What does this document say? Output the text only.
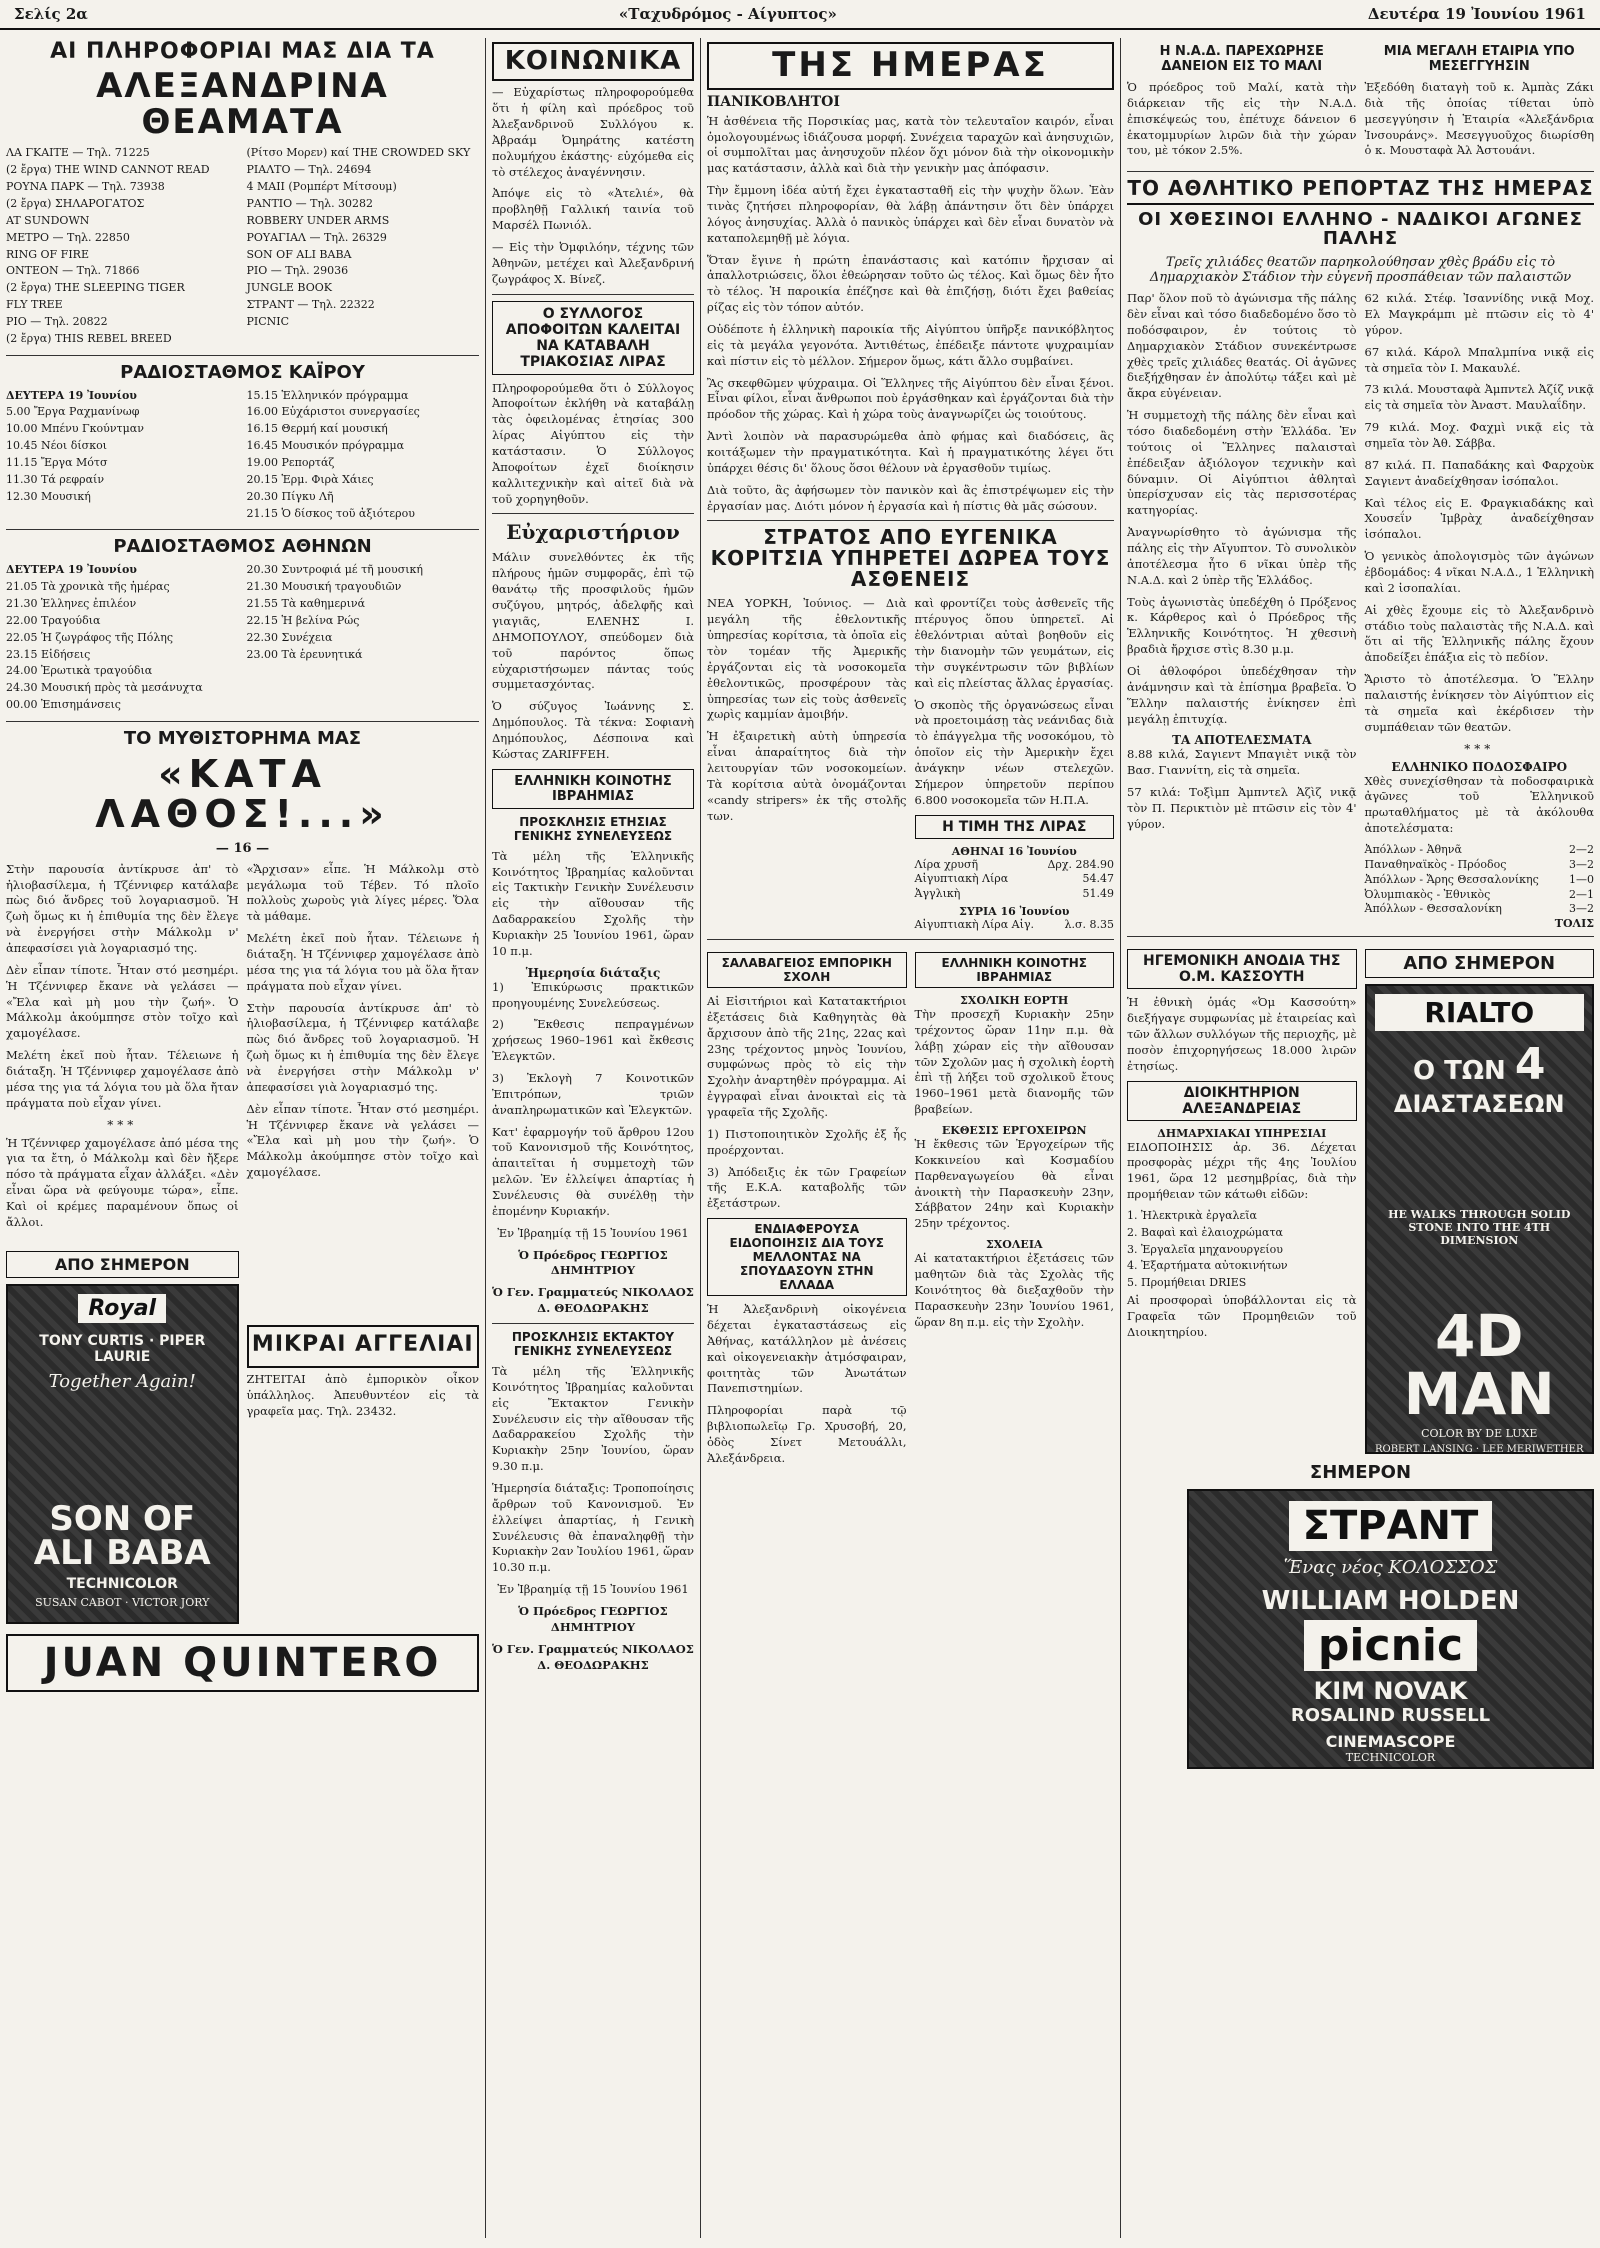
Σελίς 2α	«Ταχυδρόμος - Αίγυπτος»	Δευτέρα 19 Ἰουνίου 1961
ΑΙ ΠΛΗΡΟΦΟΡΙΑΙ ΜΑΣ ΔΙΑ ΤΑ
ΑΛΕΞΑΝΔΡΙΝΑ ΘΕΑΜΑΤΑ
ΛΑ ΓΚΑΙΤΕ — Τηλ. 71225
(2 ἔργα) THE WIND CANNOT READ
ΡΟΥΝΑ ΠΑΡΚ — Τηλ. 73938
(2 ἔργα) ΣΗΛΑΡΟΓΑΤΟΣ
AT SUNDOWN
ΜΕΤΡΟ — Τηλ. 22850
RING OF FIRE
ΟΝΤΕΟΝ — Τηλ. 71866
(2 ἔργα) THE SLEEPING TIGER
FLY TREE
ΡΙΟ — Τηλ. 20822
(2 ἔργα) THIS REBEL BREED
(Ρίτσο Μορεν) καί THE CROWDED SKY
ΡΙΑΛΤΟ — Τηλ. 24694
4 ΜΑΙΙ (Ρομπέρτ Μίτσουμ)
ΡΑΝΤΙΟ — Τηλ. 30282
ROBBERY UNDER ARMS
ΡΟΥΑΓΙΑΛ — Τηλ. 26329
SON OF ALI BABA
ΡΙΟ — Τηλ. 29036
JUNGLE BOOK
ΣΤΡΑΝΤ — Τηλ. 22322
PICNIC
ΡΑΔΙΟΣΤΑΘΜΟΣ ΚΑΪΡΟΥ
ΔΕΥΤΕΡΑ 19 Ἰουνίου
5.00 Ἔργα Ραχμανίνωφ
10.00 Μπένυ Γκούντμαν
10.45 Νέοι δίσκοι
11.15 Ἔργα Μότσ
11.30 Τά ρεφραίν
12.30 Μουσική
15.15 Ἑλληνικόν πρόγραμμα
16.00 Εὐχάριστοι συνεργασίες
16.15 Θερμή καί μουσική
16.45 Μουσικόν πρόγραμμα
19.00 Ρεπορτάζ
20.15 Ἑρμ. Φιρὰ Χάιες
20.30 Πίγκυ Λῆ
21.15 Ὁ δίσκος τοῦ ἀξιότερου
ΡΑΔΙΟΣΤΑΘΜΟΣ ΑΘΗΝΩΝ
ΔΕΥΤΕΡΑ 19 Ἰουνίου
21.05 Τὰ χρονικὰ τῆς ἡμέρας
21.30 Ἑλληνες ἐπιλέον
22.00 Τραγούδια
22.05 Ἡ ζωγράφος τῆς Πόλης
23.15 Εἰδήσεις
24.00 Ἐρωτικὰ τραγούδια
24.30 Μουσική πρὸς τὰ μεσάνυχτα
00.00 Ἐπισημάνσεις
20.30 Συντροφιά μέ τῆ μουσική
21.30 Μουσική τραγουδιῶν
21.55 Τὰ καθημερινά
22.15 Ἡ βελίνα Ρώς
22.30 Συνέχεια
23.00 Τὰ ἑρευνητικά
ΤΟ ΜΥΘΙΣΤΟΡΗΜΑ ΜΑΣ
«ΚΑΤΑ ΛΑΘΟΣ!...»
— 16 —

Στὴν παρουσία ἀντίκρυσε ἀπ' τὸ ἡλιοβασίλεμα, ἡ Τζέννιφερ κατάλαβε πὼς διό ἄνδρες τοῦ λογαριασμοῦ. Ἡ ζωὴ ὅμως κι ἡ ἐπιθυμία της δὲν ἔλεγε νὰ ἐνεργήσει στὴν Μάλκολμ ν' ἀπεφασίσει γιὰ λογαριασμό της.

Δὲν εἶπαν τίποτε. Ἦταν στό μεσημέρι. Ἡ Τζέννιφερ ἔκανε νὰ γελάσει — «Ἔλα καὶ μὴ μου τὴν ζωή». Ὁ Μάλκολμ ἀκούμπησε στὸν τοῖχο καὶ χαμογέλασε.

Μελέτη ἐκεῖ ποὺ ἦταν. Τέλειωνε ἡ διάταξη. Ἡ Τζέννιφερ χαμογέλασε ἀπὸ μέσα της για τά λόγια του μὰ ὅλα ἤταν πράγματα ποὺ εἶχαν γίνει.

***

Ἡ Τζέννιφερ χαμογέλασε ἀπό μέσα της για τα ἔτη, ὁ Μάλκολμ καὶ δὲν ἤξερε πόσο τὰ πράγματα εἶχαν ἀλλάξει. «Δὲν εἶναι ὥρα νὰ φεύγουμε τώρα», εἶπε. Καὶ οἱ κρέμες παραμένουν ὅπως οἱ ἄλλοι.

«Ἄρχισαν» εἶπε. Ἡ Μάλκολμ στὸ μεγάλωμα τοῦ Τέβεν. Τό πλοῖο πολλοὺς χωροὺς γιὰ λίγες μέρες. Ὅλα τὰ μάθαμε.

Μελέτη ἐκεῖ ποὺ ἦταν. Τέλειωνε ἡ διάταξη. Ἡ Τζέννιφερ χαμογέλασε ἀπὸ μέσα της για τά λόγια του μὰ ὅλα ἤταν πράγματα ποὺ εἶχαν γίνει.

Στὴν παρουσία ἀντίκρυσε ἀπ' τὸ ἡλιοβασίλεμα, ἡ Τζέννιφερ κατάλαβε πὼς διό ἄνδρες τοῦ λογαριασμοῦ. Ἡ ζωὴ ὅμως κι ἡ ἐπιθυμία της δὲν ἔλεγε νὰ ἐνεργήσει στὴν Μάλκολμ ν' ἀπεφασίσει γιὰ λογαριασμό της.

Δὲν εἶπαν τίποτε. Ἦταν στό μεσημέρι. Ἡ Τζέννιφερ ἔκανε νὰ γελάσει — «Ἔλα καὶ μὴ μου τὴν ζωή». Ὁ Μάλκολμ ἀκούμπησε στὸν τοῖχο καὶ χαμογέλασε.

ΑΠΟ ΣΗΜΕΡΟΝ
Royal
TONY CURTIS · PIPER LAURIE
Together Again!
SON OF ALI BABA
TECHNICOLOR
SUSAN CABOT · VICTOR JORY
ΜΙΚΡΑΙ ΑΓΓΕΛΙΑΙ

ΖΗΤΕΙΤΑΙ ἀπὸ ἐμπορικὸν οἶκον ὑπάλληλος. Ἀπευθυντέον εἰς τὰ γραφεῖα μας. Τηλ. 23432.

JUAN QUINTERO
ΚΟΙΝΩΝΙΚΑ

— Εὐχαρίστως πληροφορούμεθα ὅτι ἡ φίλη καὶ πρόεδρος τοῦ Ἀλεξανδρινοῦ Συλλόγου κ. Ἀβραάμ Ὀμηράτης κατέστη πολυμήχου ἐκάστης· εὐχόμεθα εἰς τὸ στέλεχος ἀναγέννησιν.

Ἀπόψε εἰς τὸ «Ἀτελιέ», θὰ προβληθῇ Γαλλική ταινία τοῦ Μαρσέλ Πωνιόλ.

— Εἰς τὴν Ὀμφιλόην, τέχνης τῶν Ἀθηνῶν, μετέχει καὶ Ἀλεξανδρινή ζωγράφος Χ. Βίνεζ.

Ο ΣΥΛΛΟΓΟΣ ΑΠΟΦΟΙΤΩΝ ΚΑΛΕΙΤΑΙ ΝΑ ΚΑΤΑΒΑΛΗ ΤΡΙΑΚΟΣΙΑΣ ΛΙΡΑΣ

Πληροφορούμεθα ὅτι ὁ Σύλλογος Ἀποφοίτων ἐκλήθη νὰ καταβάλῃ τὰς ὀφειλομένας ἐτησίας 300 λίρας Αἰγύπτου εἰς τὴν κατάστασιν. Ὁ Σύλλογος Ἀποφοίτων ἐχεῖ διοίκησιν καλλιτεχνικὴν καὶ αἰτεῖ διὰ νὰ τοῦ χορηγηθοῦν.

Εὐχαριστήριον

Μάλιν συνελθόντες ἐκ τῆς πλήρους ἡμῶν συμφορᾶς, ἐπὶ τῷ θανάτῳ τῆς προσφιλοῦς ἡμῶν συζύγου, μητρός, ἀδελφῆς καὶ γιαγιᾶς, ΕΛΕΝΗΣ Ι. ΔΗΜΟΠΟΥΛΟΥ, σπεύδομεν διὰ τοῦ παρόντος ὅπως εὐχαριστήσωμεν πάντας τούς συμμετασχόντας.

Ὁ σύζυγος Ἰωάννης Σ. Δημόπουλος. Τὰ τέκνα: Σοφιανὴ Δημόπουλος, Δέσποινα καὶ Κώστας ZARIFFEH.

ΕΛΛΗΝΙΚΗ ΚΟΙΝΟΤΗΣ ΙΒΡΑΗΜΙΑΣ
ΠΡΟΣΚΛΗΣΙΣ ΕΤΗΣΙΑΣ ΓΕΝΙΚΗΣ ΣΥΝΕΛΕΥΣΕΩΣ

Τὰ μέλη τῆς Ἑλληνικῆς Κοινότητος Ἰβραημίας καλοῦνται εἰς Τακτικὴν Γενικὴν Συνέλευσιν εἰς τὴν αἴθουσαν τῆς Δαδαρρακείου Σχολῆς τὴν Κυριακὴν 25 Ἰουνίου 1961, ὥραν 10 π.μ.

Ἡμερησία διάταξις
1) Ἐπικύρωσις πρακτικῶν προηγουμένης Συνελεύσεως.
2) Ἔκθεσις πεπραγμένων χρήσεως 1960–1961 καὶ ἔκθεσις Ἐλεγκτῶν.
3) Ἐκλογὴ 7 Κοινοτικῶν Ἐπιτρόπων, τριῶν ἀναπληρωματικῶν καὶ Ἐλεγκτῶν.

Κατ' ἐφαρμογήν τοῦ ἄρθρου 12ου τοῦ Κανονισμοῦ τῆς Κοινότητος, ἀπαιτεῖται ἡ συμμετοχὴ τῶν μελῶν. Ἐν ἐλλείψει ἀπαρτίας ἡ Συνέλευσις θὰ συνέλθῃ τὴν ἐπομένην Κυριακήν.

Ἐν Ἰβραημίᾳ τῇ 15 Ἰουνίου 1961

Ὁ Πρόεδρος ΓΕΩΡΓΙΟΣ ΔΗΜΗΤΡΙΟΥ

Ὁ Γεν. Γραμματεύς ΝΙΚΟΛΑΟΣ Δ. ΘΕΟΔΩΡΑΚΗΣ

ΠΡΟΣΚΛΗΣΙΣ ΕΚΤΑΚΤΟΥ ΓΕΝΙΚΗΣ ΣΥΝΕΛΕΥΣΕΩΣ

Τὰ μέλη τῆς Ἑλληνικῆς Κοινότητος Ἰβραημίας καλοῦνται εἰς Ἔκτακτον Γενικὴν Συνέλευσιν εἰς τὴν αἴθουσαν τῆς Δαδαρρακείου Σχολῆς τὴν Κυριακὴν 25ην Ἰουνίου, ὥραν 9.30 π.μ.

Ἡμερησία διάταξις: Τροποποίησις ἄρθρων τοῦ Κανονισμοῦ. Ἐν ἐλλείψει ἀπαρτίας, ἡ Γενικὴ Συνέλευσις θὰ ἐπαναληφθῇ τὴν Κυριακὴν 2αν Ἰουλίου 1961, ὥραν 10.30 π.μ.

Ἐν Ἰβραημίᾳ τῇ 15 Ἰουνίου 1961

Ὁ Πρόεδρος ΓΕΩΡΓΙΟΣ ΔΗΜΗΤΡΙΟΥ

Ὁ Γεν. Γραμματεύς ΝΙΚΟΛΑΟΣ Δ. ΘΕΟΔΩΡΑΚΗΣ

ΤΗΣ ΗΜΕΡΑΣ
ΠΑΝΙΚΟΒΛΗΤΟΙ

Ἡ ἀσθένεια τῆς Πορσικίας μας, κατὰ τὸν τελευταῖον καιρόν, εἶναι ὁμολογουμένως ἰδιάζουσα μορφή. Συνέχεια ταραχῶν καὶ ἀνησυχιῶν, οἱ συμπολῖται μας ἀνησυχοῦν πλέον ὅχι μόνον διὰ τὴν οἰκονομικὴν μας κατάστασιν, ἀλλὰ καὶ διὰ τὴν γενικὴν μας ἀπόφασιν.

Τὴν ἔμμονη ἰδέα αὐτή ἔχει ἐγκατασταθῆ εἰς τὴν ψυχὴν ὅλων. Ἐὰν τινὰς ζητήσει πληροφορίαν, θὰ λάβῃ ἀπάντησιν ὅτι δὲν ὑπάρχει λόγος ἀνησυχίας. Ἀλλὰ ὁ πανικὸς ὑπάρχει καὶ δὲν εἶναι δυνατὸν νὰ καταπολεμηθῇ μὲ λόγια.

Ὅταν ἔγινε ἡ πρώτη ἐπανάστασις καὶ κατόπιν ἤρχισαν αἱ ἀπαλλοτριώσεις, ὅλοι ἐθεώρησαν τοῦτο ὡς τέλος. Καὶ ὅμως δὲν ἦτο τὸ τέλος. Ἡ παροικία ἐπέζησε καὶ θὰ ἐπιζήσῃ, διότι ἔχει βαθείας ρίζας εἰς τὸν τόπον αὐτόν.

Οὐδέποτε ἡ ἑλληνικὴ παροικία τῆς Αἰγύπτου ὑπῆρξε πανικόβλητος εἰς τὰ μεγάλα γεγονότα. Ἀντιθέτως, ἐπέδειξε πάντοτε ψυχραιμίαν καὶ πίστιν εἰς τὸ μέλλον. Σήμερον ὅμως, κάτι ἄλλο συμβαίνει.

Ἂς σκεφθῶμεν ψύχραιμα. Οἱ Ἕλληνες τῆς Αἰγύπτου δὲν εἶναι ξένοι. Εἶναι φίλοι, εἶναι ἄνθρωποι ποὺ ἐργάσθηκαν καὶ ἐργάζονται διὰ τὴν πρόοδον τῆς χώρας. Καὶ ἡ χώρα τοὺς ἀναγνωρίζει ὡς τοιούτους.

Ἀντὶ λοιπὸν νὰ παρασυρώμεθα ἀπὸ φήμας καὶ διαδόσεις, ἂς κοιτάξωμεν τὴν πραγματικότητα. Καὶ ἡ πραγματικότης λέγει ὅτι ὑπάρχει θέσις δι' ὅλους ὅσοι θέλουν νὰ ἐργασθοῦν τιμίως.

Διὰ τοῦτο, ἂς ἀφήσωμεν τὸν πανικὸν καὶ ἂς ἐπιστρέψωμεν εἰς τὴν ἐργασίαν μας. Διότι μόνον ἡ ἐργασία καὶ ἡ πίστις θὰ μᾶς σώσουν.

ΣΤΡΑΤΟΣ ΑΠΟ ΕΥΓΕΝΙΚΑ ΚΟΡΙΤΣΙΑ ΥΠΗΡΕΤΕΙ ΔΩΡΕΑ ΤΟΥΣ ΑΣΘΕΝΕΙΣ

ΝΕΑ ΥΟΡΚΗ, Ἰούνιος. — Διὰ μεγάλη τῆς ἐθελοντικῆς ὑπηρεσίας κορίτσια, τὰ ὁποῖα εἰς τὸν τομέαν τῆς Ἀμερικῆς ἐργάζονται εἰς τὰ νοσοκομεῖα ἐθελοντικῶς, προσφέρουν τὰς ὑπηρεσίας των εἰς τοὺς ἀσθενεῖς χωρὶς καμμίαν ἀμοιβήν.

Ἡ ἐξαιρετικὴ αὐτὴ ὑπηρεσία εἶναι ἀπαραίτητος διὰ τὴν λειτουργίαν τῶν νοσοκομείων. Τὰ κορίτσια αὐτὰ ὀνομάζονται «candy stripers» ἐκ τῆς στολῆς των.

καὶ φροντίζει τοὺς ἀσθενεῖς τῆς πτέρυγος ὅπου ὑπηρετεῖ. Αἱ ἐθελόντριαι αὐταὶ βοηθοῦν εἰς τὴν διανομὴν τῶν γευμάτων, εἰς τὴν συγκέντρωσιν τῶν βιβλίων καὶ εἰς πλείστας ἄλλας ἐργασίας.

Ὁ σκοπὸς τῆς ὀργανώσεως εἶναι νὰ προετοιμάσῃ τὰς νεάνιδας διὰ τὸ ἐπάγγελμα τῆς νοσοκόμου, τὸ ὁποῖον εἰς τὴν Ἀμερικὴν ἔχει ἀνάγκην νέων στελεχῶν. Σήμερον ὑπηρετοῦν περίπου 6.800 νοσοκομεῖα τῶν Η.Π.Α.

Η ΤΙΜΗ ΤΗΣ ΛΙΡΑΣ
ΑΘΗΝΑΙ 16 Ἰουνίου
Λίρα χρυσῆ	Δρχ. 284.90
Αἰγυπτιακὴ Λίρα	54.47
Ἀγγλικὴ	51.49
ΣΥΡΙΑ 16 Ἰουνίου
Αἰγυπτιακὴ Λίρα Αἰγ.	λ.σ. 8.35
ΣΑΛΑΒΑΓΕΙΟΣ ΕΜΠΟΡΙΚΗ ΣΧΟΛΗ

Αἱ Εἰσιτήριοι καὶ Κατατακτήριοι ἐξετάσεις διὰ Καθηγητὰς θὰ ἄρχισουν ἀπὸ τῆς 21ης, 22ας καὶ 23ης τρέχοντος μηνὸς Ἰουνίου, συμφώνως πρὸς τὸ εἰς τὴν Σχολὴν ἀναρτηθὲν πρόγραμμα. Αἱ ἐγγραφαὶ εἶναι ἀνοικταὶ εἰς τὰ γραφεῖα τῆς Σχολῆς.

1) Πιστοποιητικὸν Σχολῆς ἐξ ἧς προέρχονται.

3) Ἀπόδειξις ἐκ τῶν Γραφείων τῆς Ε.Κ.Α. καταβολῆς τῶν ἐξετάστρων.

ΕΝΔΙΑΦΕΡΟΥΣΑ ΕΙΔΟΠΟΙΗΣΙΣ ΔΙΑ ΤΟΥΣ ΜΕΛΛΟΝΤΑΣ ΝΑ ΣΠΟΥΔΑΣΟΥΝ ΣΤΗΝ ΕΛΛΑΔΑ

Ἡ Ἀλεξανδρινὴ οἰκογένεια δέχεται ἐγκαταστάσεως εἰς Ἀθήνας, κατάλληλον μὲ ἀνέσεις καὶ οἰκογενειακὴν ἀτμόσφαιραν, φοιτητὰς τῶν Ἀνωτάτων Πανεπιστημίων.

Πληροφορίαι παρὰ τῷ βιβλιοπωλεῖῳ Γρ. Χρυσοβή, 20, ὁδὸς Σίνετ Μετουάλλι, Ἀλεξάνδρεια.

ΕΛΛΗΝΙΚΗ ΚΟΙΝΟΤΗΣ ΙΒΡΑΗΜΙΑΣ
ΣΧΟΛΙΚΗ ΕΟΡΤΗ

Τὴν προσεχῆ Κυριακὴν 25ην τρέχοντος ὥραν 11ην π.μ. θὰ λάβῃ χώραν εἰς τὴν αἴθουσαν τῶν Σχολῶν μας ἡ σχολικὴ ἑορτὴ ἐπὶ τῇ λήξει τοῦ σχολικοῦ ἔτους 1960–1961 μετὰ διανομῆς τῶν βραβείων.

ΕΚΘΕΣΙΣ ΕΡΓΟΧΕΙΡΩΝ

Ἡ ἔκθεσις τῶν Ἐργοχείρων τῆς Κοκκινείου καὶ Κοσμαδίου Παρθεναγωγείου θὰ εἶναι ἀνοικτὴ τὴν Παρασκευὴν 23ην, Σάββατον 24ην καὶ Κυριακὴν 25ην τρέχοντος.

ΣΧΟΛΕΙΑ

Αἱ κατατακτήριοι ἐξετάσεις τῶν μαθητῶν διὰ τὰς Σχολὰς τῆς Κοινότητος θὰ διεξαχθοῦν τὴν Παρασκευὴν 23ην Ἰουνίου 1961, ὥραν 8η π.μ. εἰς τὴν Σχολὴν.

Η Ν.Α.Δ. ΠΑΡΕΧΩΡΗΣΕ ΔΑΝΕΙΟΝ ΕΙΣ ΤΟ ΜΑΛΙ

Ὁ πρόεδρος τοῦ Μαλί, κατὰ τὴν διάρκειαν τῆς εἰς τὴν Ν.Α.Δ. ἐπισκέψεώς του, ἐπέτυχε δάνειον 6 ἑκατομμυρίων λιρῶν διὰ τὴν χώραν του, μὲ τόκον 2.5%.

ΜΙΑ ΜΕΓΑΛΗ ΕΤΑΙΡΙΑ ΥΠΟ ΜΕΣΕΓΓΥΗΣΙΝ

Ἐξεδόθη διαταγὴ τοῦ κ. Ἀμπὰς Ζάκι διὰ τῆς ὁποίας τίθεται ὑπὸ μεσεγγύησιν ἡ Ἑταιρία «Ἀλεξάνδρια Ἰνσουράνς». Μεσεγγυοῦχος διωρίσθη ὁ κ. Μουσταφὰ Ἀλ Ἀστουάνι.

ΤΟ ΑΘΛΗΤΙΚΟ ΡΕΠΟΡΤΑΖ ΤΗΣ ΗΜΕΡΑΣ
ΟΙ ΧΘΕΣΙΝΟΙ ΕΛΛΗΝΟ - ΝΑΔΙΚΟΙ ΑΓΩΝΕΣ ΠΑΛΗΣ
Τρεῖς χιλιάδες θεατῶν παρηκολούθησαν χθὲς βράδυ εἰς τὸ Δημαρχιακὸν Στάδιον τὴν εὐγενῆ προσπάθειαν τῶν παλαιστῶν

Παρ' ὅλον ποῦ τὸ ἀγώνισμα τῆς πάλης δὲν εἶναι καὶ τόσο διαδεδομένο ὅσο τὸ ποδόσφαιρον, ἐν τούτοις τὸ Δημαρχιακὸν Στάδιον συνεκέντρωσε χθὲς τρεῖς χιλιάδες θεατάς. Οἱ ἀγῶνες διεξήχθησαν ἐν ἀπολύτῳ τάξει καὶ μὲ ἄκρα εὐγένειαν.

Ἡ συμμετοχὴ τῆς πάλης δὲν εἶναι καὶ τόσο διαδεδομένη στὴν Ἑλλάδα. Ἐν τούτοις οἱ Ἕλληνες παλαισταὶ ἐπέδειξαν ἀξιόλογον τεχνικὴν καὶ δύναμιν. Οἱ Αἰγύπτιοι ἀθληταὶ ὑπερίσχυσαν εἰς τὰς περισσοτέρας κατηγορίας.

Ἀναγνωρίσθητο τὸ ἀγώνισμα τῆς πάλης εἰς τὴν Αἴγυπτον. Τὸ συνολικὸν ἀποτέλεσμα ἦτο 6 νῖκαι ὑπὲρ τῆς Ν.Α.Δ. καὶ 2 ὑπὲρ τῆς Ἑλλάδος.

Τοὺς ἀγωνιστὰς ὑπεδέχθη ὁ Πρόξενος κ. Κάρθερος καὶ ὁ Πρόεδρος τῆς Ἑλληνικῆς Κοινότητος. Ἡ χθεσινὴ βραδιὰ ἤρχισε στὶς 8.30 μ.μ.

Οἱ ἀθλοφόροι ὑπεδέχθησαν τὴν ἀνάμνησιν καὶ τὰ ἐπίσημα βραβεῖα. Ὁ Ἕλλην παλαιστής ἐνίκησεν ἐπὶ μεγάλῃ ἐπιτυχίᾳ.

ΤΑ ΑΠΟΤΕΛΕΣΜΑΤΑ

8.88 κιλά, Σαγιεντ Μπαγιὲτ νικᾷ τὸν Βασ. Γιαννίτη, εἰς τὰ σημεῖα.

57 κιλά: Τοξὶμπ Ἀμπντελ Ἀζὶζ νικᾷ τὸν Π. Περικτιὸν μὲ πτῶσιν εἰς τὸν 4' γύρον.

62 κιλά. Στέφ. Ἰσαννίδης νικᾷ Μοχ. Ελ Μαγκράμπι μὲ πτῶσιν εἰς τὸ 4' γύρον.

67 κιλά. Κάρολ Μπαλμπίνα νικᾷ εἰς τὰ σημεῖα τὸν Ι. Μακαυλέ.

73 κιλά. Μουσταφὰ Ἀμπντελ Ἀζίζ νικᾷ εἰς τὰ σημεῖα τὸν Ἀναστ. Μαυλαΐδην.

79 κιλά. Μοχ. Φαχμὶ νικᾷ εἰς τὰ σημεῖα τὸν Ἀθ. Σάββα.

87 κιλά. Π. Παπαδάκης καὶ Φαρχοὺκ Σαγιεντ ἀναδείχθησαν ἰσόπαλοι.

Καὶ τέλος εἰς Ε. Φραγκιαδάκης καὶ Χουσεΐν Ἰμβρὰχ ἀναδείχθησαν ἰσόπαλοι.

Ὁ γενικὸς ἀπολογισμὸς τῶν ἀγώνων ἐβδομάδος: 4 νῖκαι Ν.Α.Δ., 1 Ἑλληνικὴ καὶ 2 ἰσοπαλίαι.

Αἱ χθὲς ἔχουμε εἰς τὸ Ἀλεξανδρινὸ στάδιο τοὺς παλαιστὰς τῆς Ν.Α.Δ. καὶ ὅτι αἱ τῆς Ἑλληνικῆς πάλης ἔχουν ἀποδείξει ἐπάξια εἰς τὸ πεδίον.

Ἄριστο τὸ ἀποτέλεσμα. Ὁ Ἕλλην παλαιστής ἐνίκησεν τὸν Αἰγύπτιον εἰς τὰ σημεῖα καὶ ἐκέρδισεν τὴν συμπάθειαν τῶν θεατῶν.

***
ΕΛΛΗΝΙΚΟ ΠΟΔΟΣΦΑΙΡΟ

Χθὲς συνεχίσθησαν τὰ ποδοσφαιρικὰ ἀγῶνες τοῦ Ἑλληνικοῦ πρωταθλήματος μὲ τὰ ἀκόλουθα ἀποτελέσματα:

Ἀπόλλων - Ἀθηνᾶ	2—2
Παναθηναϊκὸς - Πρόοδος	3—2
Ἀπόλλων - Ἄρης Θεσσαλονίκης	1—0
Ὀλυμπιακὸς - Ἐθνικὸς	2—1
Ἀπόλλων - Θεσσαλονίκη	3—2
ΤΟΛΙΣ
ΗΓΕΜΟΝΙΚΗ ΑΝΟΔΙΑ ΤΗΣ Ο.Μ. ΚΑΣΣΟΥΤΗ

Ἡ ἐθνικὴ ὁμάς «Ὀμ Κασσούτη» διεξήγαγε συμφωνίας μὲ ἑταιρείας καὶ τῶν ἄλλων συλλόγων τῆς περιοχῆς, μὲ ποσὸν ἐπιχορηγήσεως 18.000 λιρῶν ἐτησίως.

ΔΙΟΙΚΗΤΗΡΙΟΝ ΑΛΕΞΑΝΔΡΕΙΑΣ
ΔΗΜΑΡΧΙΑΚΑΙ ΥΠΗΡΕΣΙΑΙ

ΕΙΔΟΠΟΙΗΣΙΣ ἀρ. 36. Δέχεται προσφορὰς μέχρι τῆς 4ης Ἰουλίου 1961, ὥρα 12 μεσημβρίας, διὰ τὴν προμήθειαν τῶν κάτωθι εἰδῶν:

1. Ἠλεκτρικὰ ἐργαλεῖα
2. Βαφαὶ καὶ ἐλαιοχρώματα
3. Ἐργαλεῖα μηχανουργείου
4. Ἐξαρτήματα αὐτοκινήτων
5. Προμήθειαι DRIES

Αἱ προσφοραὶ ὑποβάλλονται εἰς τὰ Γραφεῖα τῶν Προμηθειῶν τοῦ Διοικητηρίου.

ΑΠΟ ΣΗΜΕΡΟΝ
RIALTO
Ο ΤΩΝ 4
ΔΙΑΣΤΑΣΕΩΝ
HE WALKS THROUGH SOLID STONE INTO THE 4TH DIMENSION
4D MAN
COLOR BY DE LUXE
ROBERT LANSING · LEE MERIWETHER
ΣΗΜΕΡΟΝ
ΣΤΡΑΝΤ
Ἕνας νέος ΚΟΛΟΣΣΟΣ
WILLIAM HOLDEN
picnic
KIM NOVAK
ROSALIND RUSSELL
CINEMASCOPE
TECHNICOLOR
